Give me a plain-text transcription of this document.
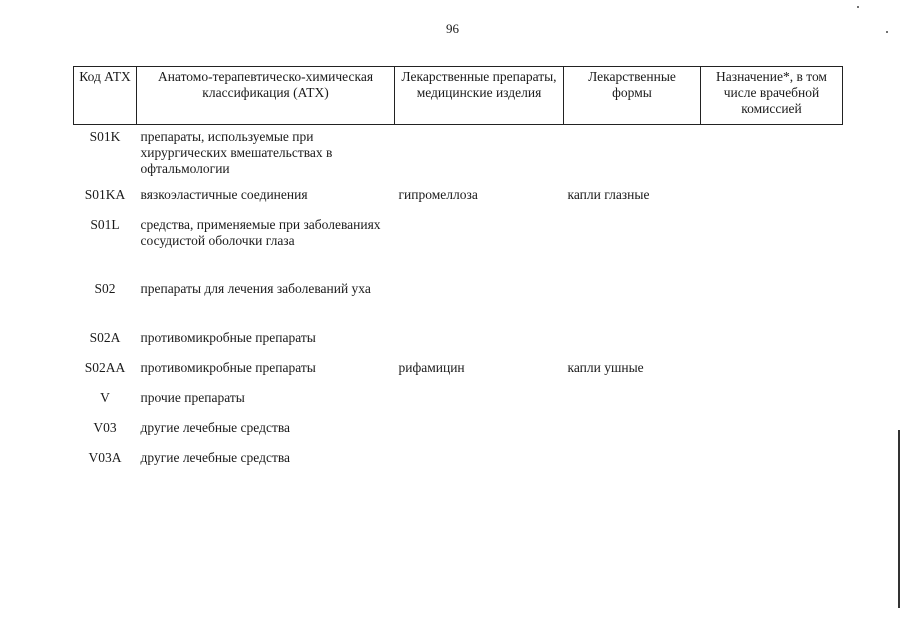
96
Код АТХ	Анатомо-терапевтическо-химическая классификация (АТХ)	Лекарственные препараты, медицинские изделия	Лекарственные формы	Назначение*, в том числе врачебной комиссией
S01K	препараты, используемые при хирургических вмешательствах в офтальмологии			
S01KA	вязкоэластичные соединения	гипромеллоза	капли глазные	
S01L	средства, применяемые при заболеваниях сосудистой оболочки глаза			
S02	препараты для лечения заболеваний уха			
S02A	противомикробные препараты			
S02AA	противомикробные препараты	рифамицин	капли ушные	
V	прочие препараты			
V03	другие лечебные средства			
V03A	другие лечебные средства			
